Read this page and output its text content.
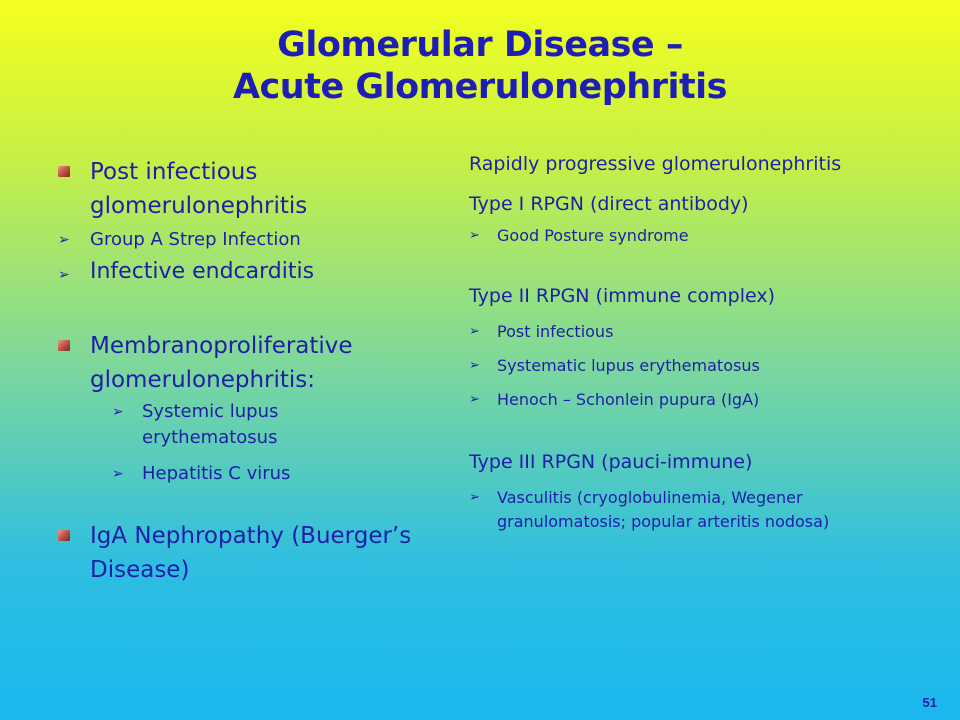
Glomerular Disease –
Acute Glomerulonephritis
Post infectious glomerulonephritis
➢ Group A Strep Infection
➢ Infective endcarditis
Membranoproliferative glomerulonephritis:
➢ Systemic lupus erythematosus
➢ Hepatitis C virus
IgA Nephropathy (Buerger’s Disease)
Rapidly progressive glomerulonephritis
Type I RPGN (direct antibody)
➢ Good Posture syndrome
Type II RPGN (immune complex)
➢ Post infectious
➢ Systematic lupus erythematosus
➢ Henoch – Schonlein pupura (IgA)
Type III RPGN (pauci-immune)
➢ Vasculitis (cryoglobulinemia, Wegener granulomatosis; popular arteritis nodosa)
51
